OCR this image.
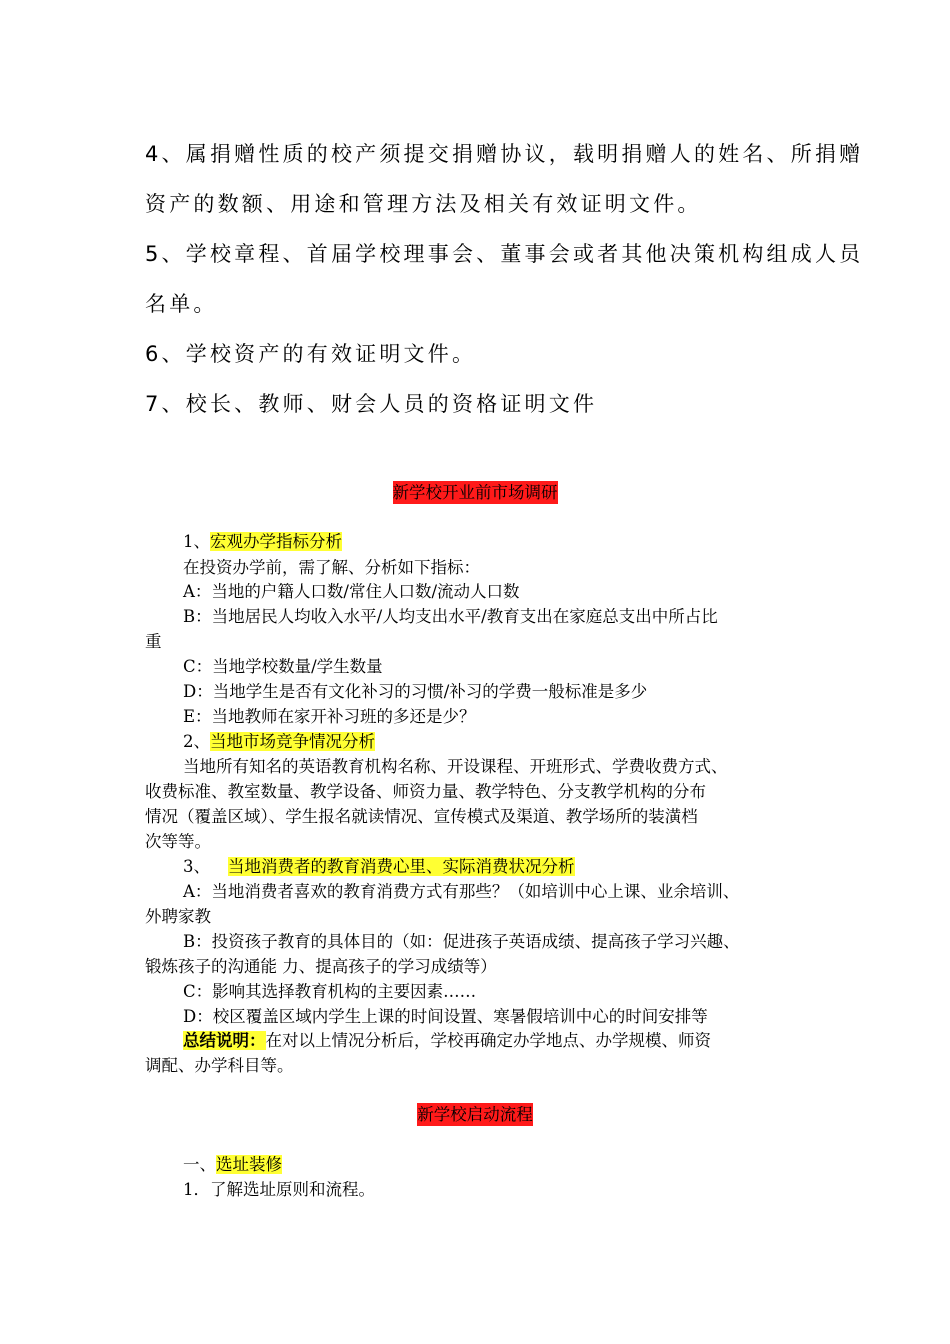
4、属捐赠性质的校产须提交捐赠协议，载明捐赠人的姓名、所捐赠
资产的数额、用途和管理方法及相关有效证明文件。
5、学校章程、首届学校理事会、董事会或者其他决策机构组成人员
名单。
6、学校资产的有效证明文件。
7、校长、教师、财会人员的资格证明文件
新学校开业前市场调研
1、宏观办学指标分析
在投资办学前，需了解、分析如下指标：
A：当地的户籍人口数/常住人口数/流动人口数
B：当地居民人均收入水平/人均支出水平/教育支出在家庭总支出中所占比
重
C：当地学校数量/学生数量
D：当地学生是否有文化补习的习惯/补习的学费一般标准是多少
E：当地教师在家开补习班的多还是少？
2、当地市场竞争情况分析
当地所有知名的英语教育机构名称、开设课程、开班形式、学费收费方式、
收费标准、教室数量、教学设备、师资力量、教学特色、分支教学机构的分布
情况（覆盖区域）、学生报名就读情况、宣传模式及渠道、教学场所的装潢档
次等等。
3、 当地消费者的教育消费心里、实际消费状况分析
A：当地消费者喜欢的教育消费方式有那些？（如培训中心上课、业余培训、
外聘家教
B：投资孩子教育的具体目的（如：促进孩子英语成绩、提高孩子学习兴趣、
锻炼孩子的沟通能 力、提高孩子的学习成绩等）
C：影响其选择教育机构的主要因素……
D：校区覆盖区域内学生上课的时间设置、寒暑假培训中心的时间安排等
总结说明：在对以上情况分析后，学校再确定办学地点、办学规模、师资
调配、办学科目等。
新学校启动流程
一、选址装修
1．了解选址原则和流程。
